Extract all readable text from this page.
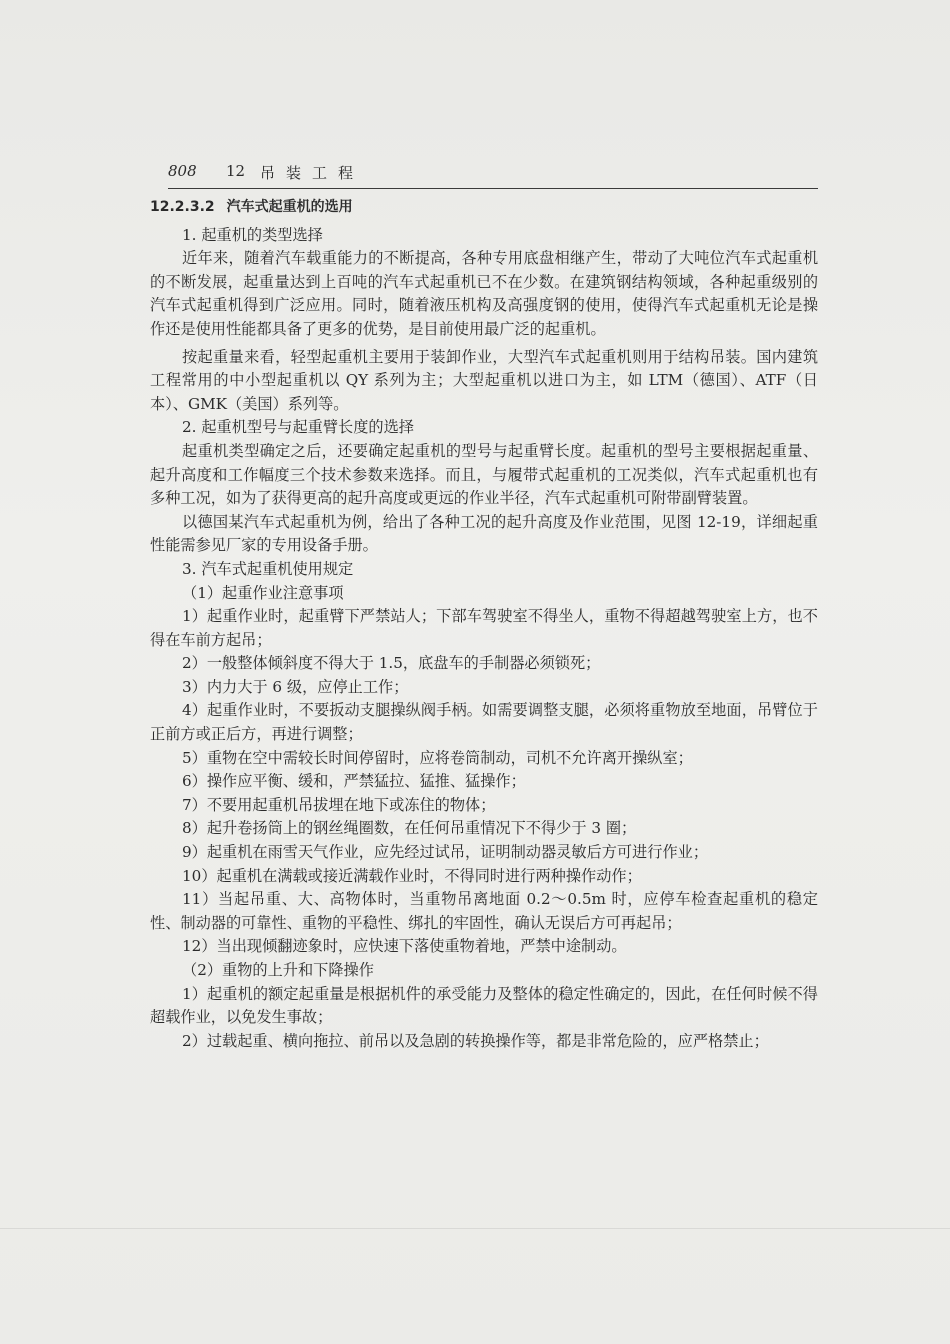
808 12 吊装工程

12.2.3.2 汽车式起重机的选用

1. 起重机的类型选择

近年来，随着汽车载重能力的不断提高，各种专用底盘相继产生，带动了大吨位汽车式起重机的不断发展，起重量达到上百吨的汽车式起重机已不在少数。在建筑钢结构领域，各种起重级别的汽车式起重机得到广泛应用。同时，随着液压机构及高强度钢的使用，使得汽车式起重机无论是操作还是使用性能都具备了更多的优势，是目前使用最广泛的起重机。

按起重量来看，轻型起重机主要用于装卸作业，大型汽车式起重机则用于结构吊装。国内建筑工程常用的中小型起重机以 QY 系列为主；大型起重机以进口为主，如 LTM（德国）、ATF（日本）、GMK（美国）系列等。

2. 起重机型号与起重臂长度的选择

起重机类型确定之后，还要确定起重机的型号与起重臂长度。起重机的型号主要根据起重量、起升高度和工作幅度三个技术参数来选择。而且，与履带式起重机的工况类似，汽车式起重机也有多种工况，如为了获得更高的起升高度或更远的作业半径，汽车式起重机可附带副臂装置。

以德国某汽车式起重机为例，给出了各种工况的起升高度及作业范围，见图 12-19，详细起重性能需参见厂家的专用设备手册。

3. 汽车式起重机使用规定

（1）起重作业注意事项

1）起重作业时，起重臂下严禁站人；下部车驾驶室不得坐人，重物不得超越驾驶室上方，也不得在车前方起吊；

2）一般整体倾斜度不得大于 1.5，底盘车的手制器必须锁死；

3）内力大于 6 级，应停止工作；

4）起重作业时，不要扳动支腿操纵阀手柄。如需要调整支腿，必须将重物放至地面，吊臂位于正前方或正后方，再进行调整；

5）重物在空中需较长时间停留时，应将卷筒制动，司机不允许离开操纵室；

6）操作应平衡、缓和，严禁猛拉、猛推、猛操作；

7）不要用起重机吊拔埋在地下或冻住的物体；

8）起升卷扬筒上的钢丝绳圈数，在任何吊重情况下不得少于 3 圈；

9）起重机在雨雪天气作业，应先经过试吊，证明制动器灵敏后方可进行作业；

10）起重机在满载或接近满载作业时，不得同时进行两种操作动作；

11）当起吊重、大、高物体时，当重物吊离地面 0.2～0.5m 时，应停车检查起重机的稳定性、制动器的可靠性、重物的平稳性、绑扎的牢固性，确认无误后方可再起吊；

12）当出现倾翻迹象时，应快速下落使重物着地，严禁中途制动。

（2）重物的上升和下降操作

1）起重机的额定起重量是根据机件的承受能力及整体的稳定性确定的，因此，在任何时候不得超载作业，以免发生事故；

2）过载起重、横向拖拉、前吊以及急剧的转换操作等，都是非常危险的，应严格禁止；
